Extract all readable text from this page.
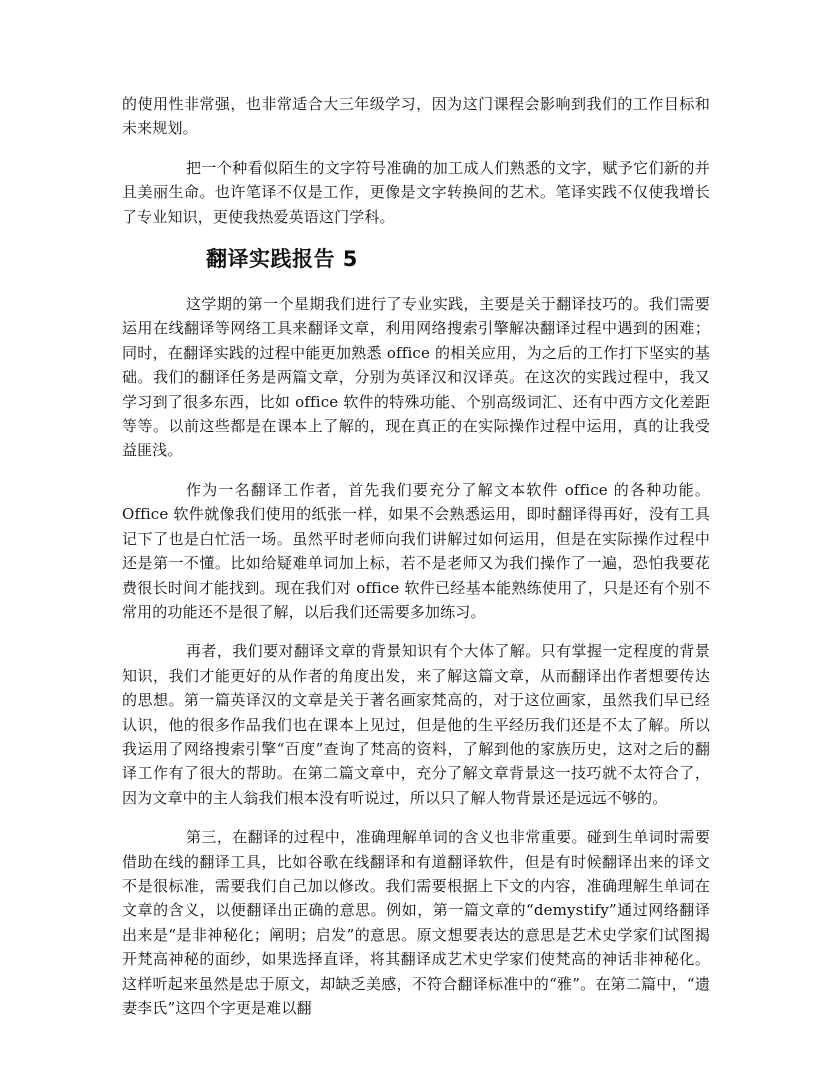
的使用性非常强，也非常适合大三年级学习，因为这门课程会影响到我们的工作目标和未来规划。

把一个种看似陌生的文字符号准确的加工成人们熟悉的文字，赋予它们新的并且美丽生命。也许笔译不仅是工作，更像是文字转换间的艺术。笔译实践不仅使我增长了专业知识，更使我热爱英语这门学科。

翻译实践报告 5

这学期的第一个星期我们进行了专业实践，主要是关于翻译技巧的。我们需要运用在线翻译等网络工具来翻译文章，利用网络搜索引擎解决翻译过程中遇到的困难；同时，在翻译实践的过程中能更加熟悉 office 的相关应用，为之后的工作打下坚实的基础。我们的翻译任务是两篇文章，分别为英译汉和汉译英。在这次的实践过程中，我又学习到了很多东西，比如 office 软件的特殊功能、个别高级词汇、还有中西方文化差距等等。以前这些都是在课本上了解的，现在真正的在实际操作过程中运用，真的让我受益匪浅。

作为一名翻译工作者，首先我们要充分了解文本软件 office 的各种功能。Office 软件就像我们使用的纸张一样，如果不会熟悉运用，即时翻译得再好，没有工具记下了也是白忙活一场。虽然平时老师向我们讲解过如何运用，但是在实际操作过程中还是第一不懂。比如给疑难单词加上标，若不是老师又为我们操作了一遍，恐怕我要花费很长时间才能找到。现在我们对 office 软件已经基本能熟练使用了，只是还有个别不常用的功能还不是很了解，以后我们还需要多加练习。

再者，我们要对翻译文章的背景知识有个大体了解。只有掌握一定程度的背景知识，我们才能更好的从作者的角度出发，来了解这篇文章，从而翻译出作者想要传达的思想。第一篇英译汉的文章是关于著名画家梵高的，对于这位画家，虽然我们早已经认识，他的很多作品我们也在课本上见过，但是他的生平经历我们还是不太了解。所以我运用了网络搜索引擎“百度”查询了梵高的资料，了解到他的家族历史，这对之后的翻译工作有了很大的帮助。在第二篇文章中，充分了解文章背景这一技巧就不太符合了，因为文章中的主人翁我们根本没有听说过，所以只了解人物背景还是远远不够的。

第三，在翻译的过程中，准确理解单词的含义也非常重要。碰到生单词时需要借助在线的翻译工具，比如谷歌在线翻译和有道翻译软件，但是有时候翻译出来的译文不是很标准，需要我们自己加以修改。我们需要根据上下文的内容，准确理解生单词在文章的含义，以便翻译出正确的意思。例如，第一篇文章的“demystify”通过网络翻译出来是“是非神秘化；阐明；启发”的意思。原文想要表达的意思是艺术史学家们试图揭开梵高神秘的面纱，如果选择直译，将其翻译成艺术史学家们使梵高的神话非神秘化。这样听起来虽然是忠于原文，却缺乏美感，不符合翻译标准中的“雅”。在第二篇中，“遗妻李氏”这四个字更是难以翻
